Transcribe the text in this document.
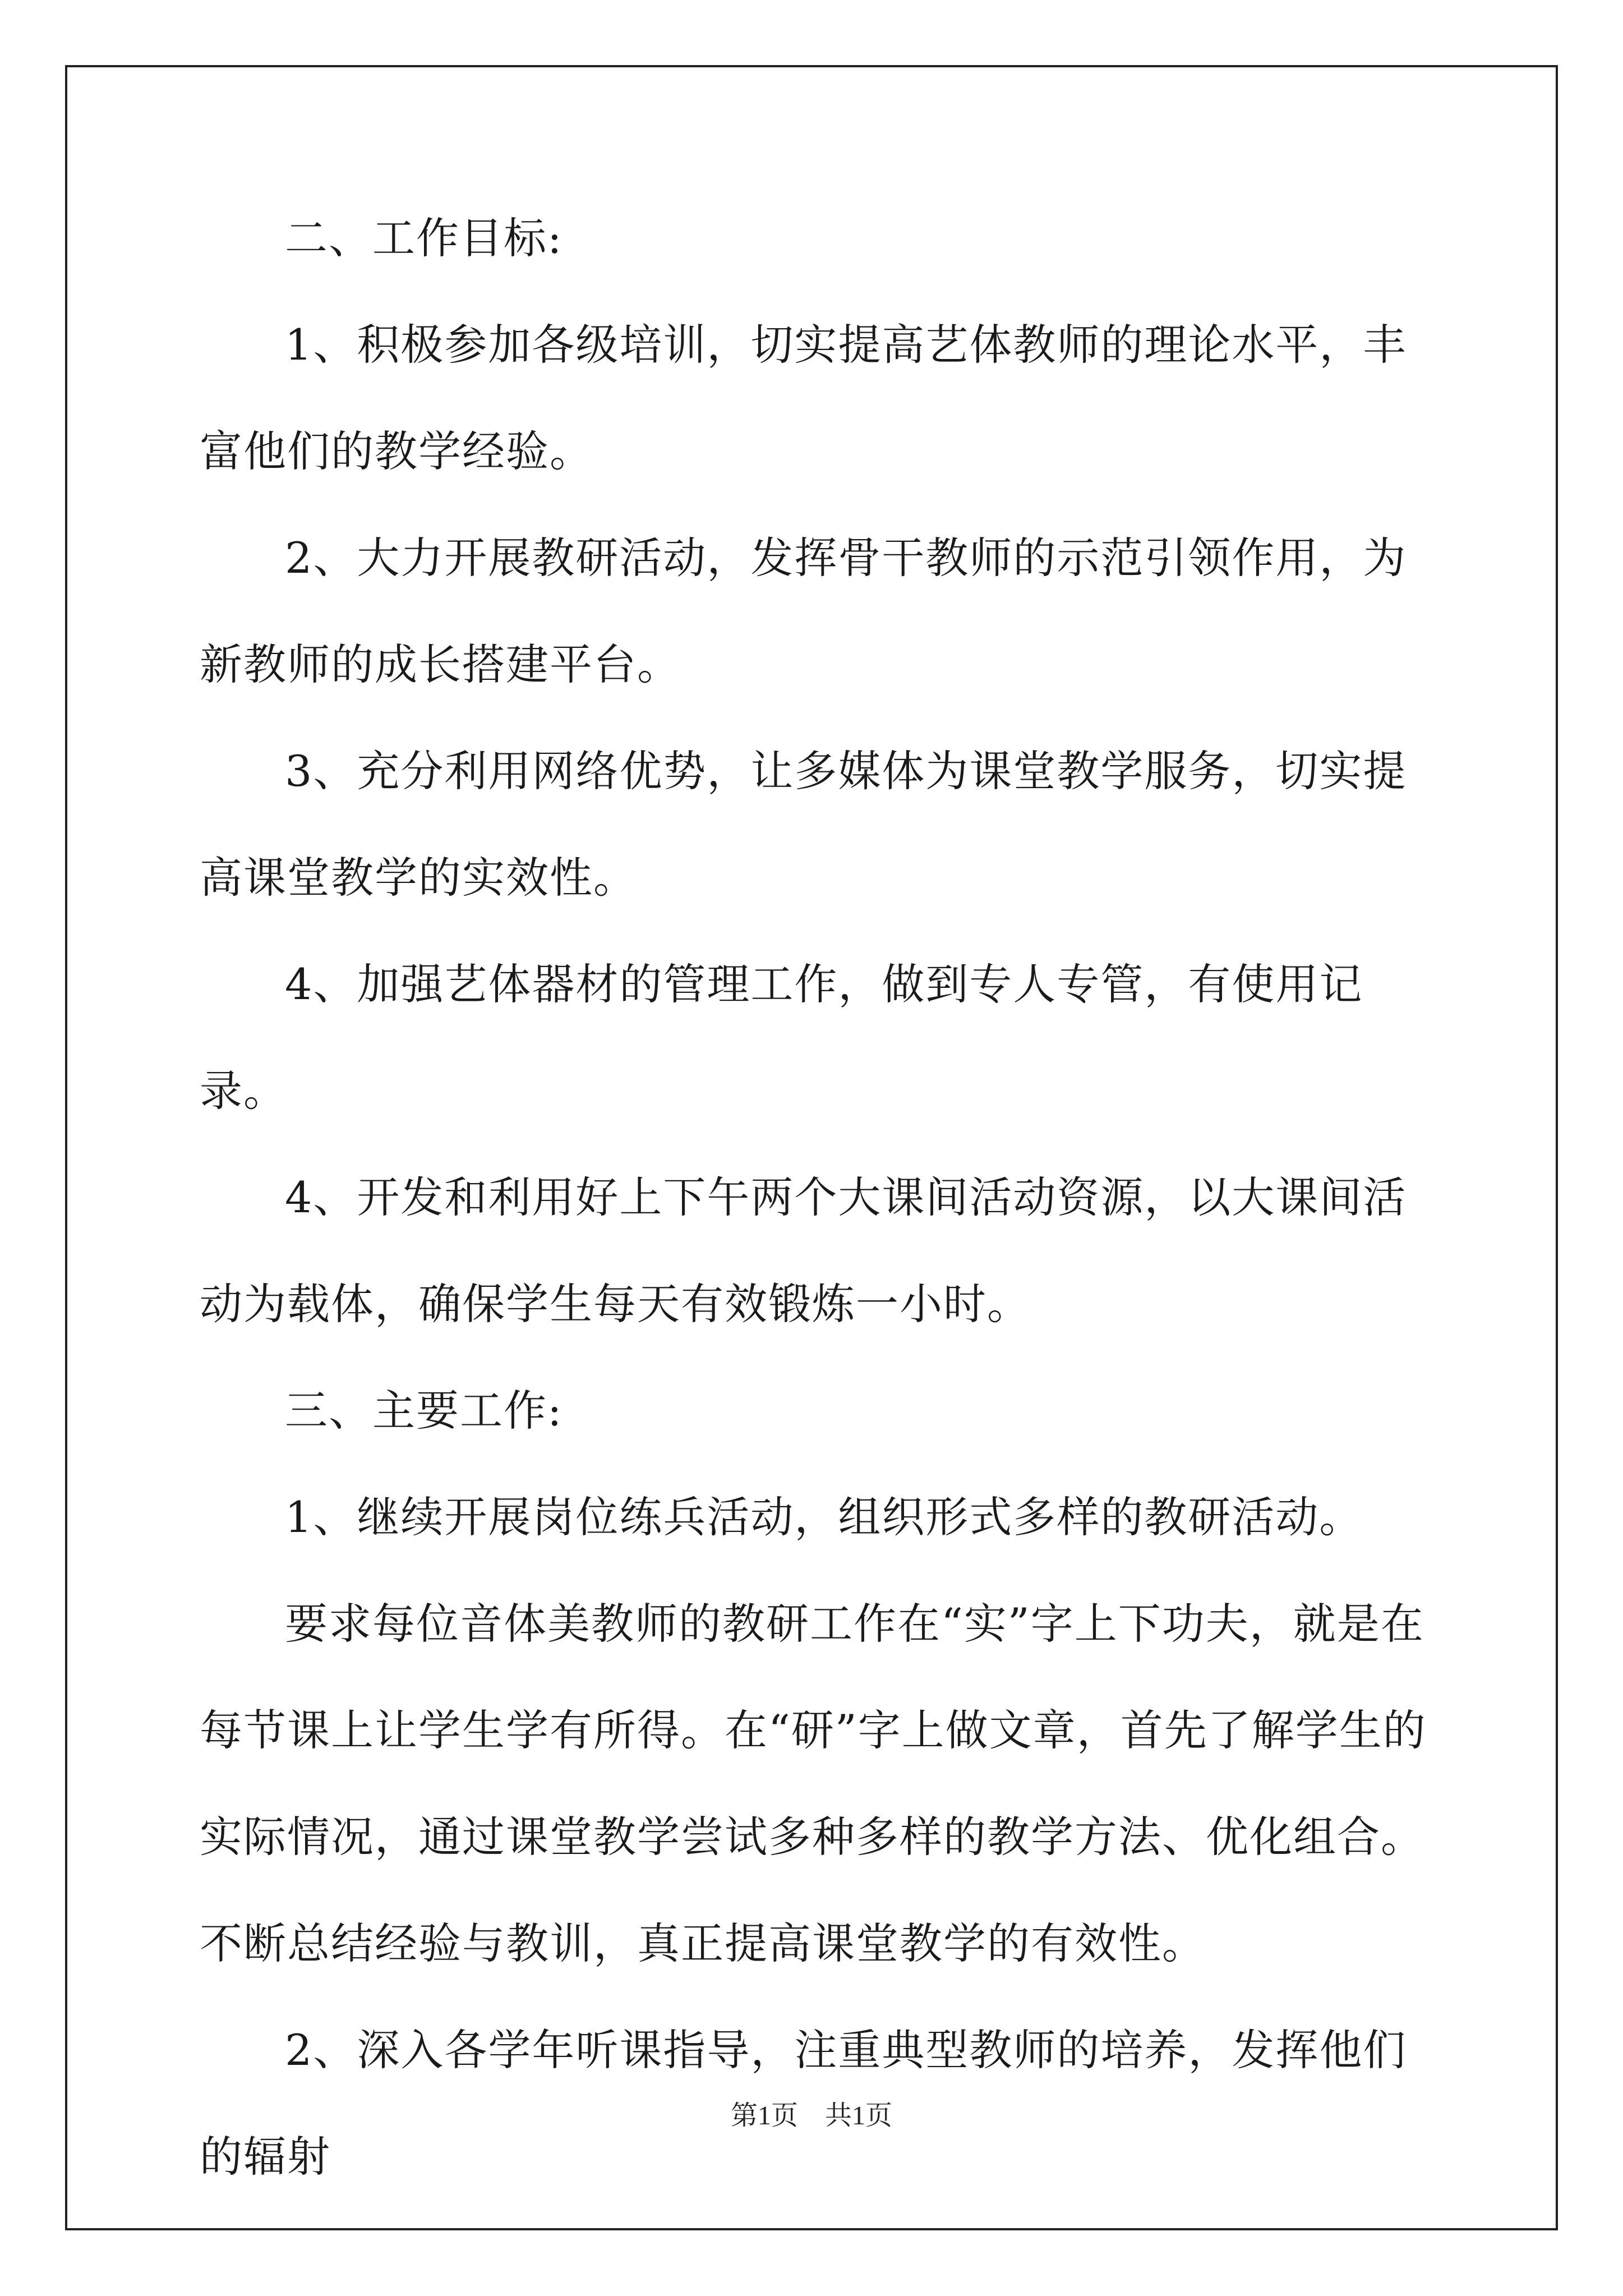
二、工作目标:

1、积极参加各级培训，切实提高艺体教师的理论水平，丰富他们的教学经验。

2、大力开展教研活动，发挥骨干教师的示范引领作用，为新教师的成长搭建平台。

3、充分利用网络优势，让多媒体为课堂教学服务，切实提高课堂教学的实效性。

4、加强艺体器材的管理工作，做到专人专管，有使用记录。

4、开发和利用好上下午两个大课间活动资源，以大课间活动为载体，确保学生每天有效锻炼一小时。

三、主要工作:

1、继续开展岗位练兵活动，组织形式多样的教研活动。

要求每位音体美教师的教研工作在“实”字上下功夫，就是在每节课上让学生学有所得。在“研”字上做文章，首先了解学生的实际情况，通过课堂教学尝试多种多样的教学方法、优化组合。不断总结经验与教训，真正提高课堂教学的有效性。

2、深入各学年听课指导，注重典型教师的培养，发挥他们的辐射

第1页　共1页
